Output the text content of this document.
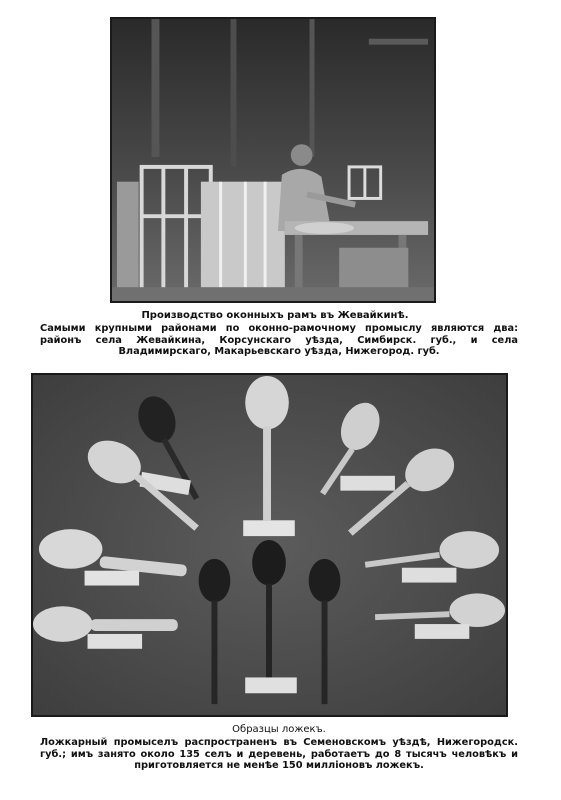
Производство оконныхъ рамъ въ Жевайкинѣ.
Самыми крупными районами по оконно-рамочному промыслу являются два: районъ села Жевайкина, Корсунскаго уѣзда, Симбирск. губ., и села Владимирскаго, Макарьевскаго уѣзда, Нижегород. губ.
Образцы ложекъ.
Ложкарный промыселъ распространенъ въ Семеновскомъ уѣздѣ, Нижегородск. губ.; имъ занято около 135 селъ и деревень, работаетъ до 8 тысячъ человѣкъ и приготовляется не менѣе 150 милліоновъ ложекъ.
